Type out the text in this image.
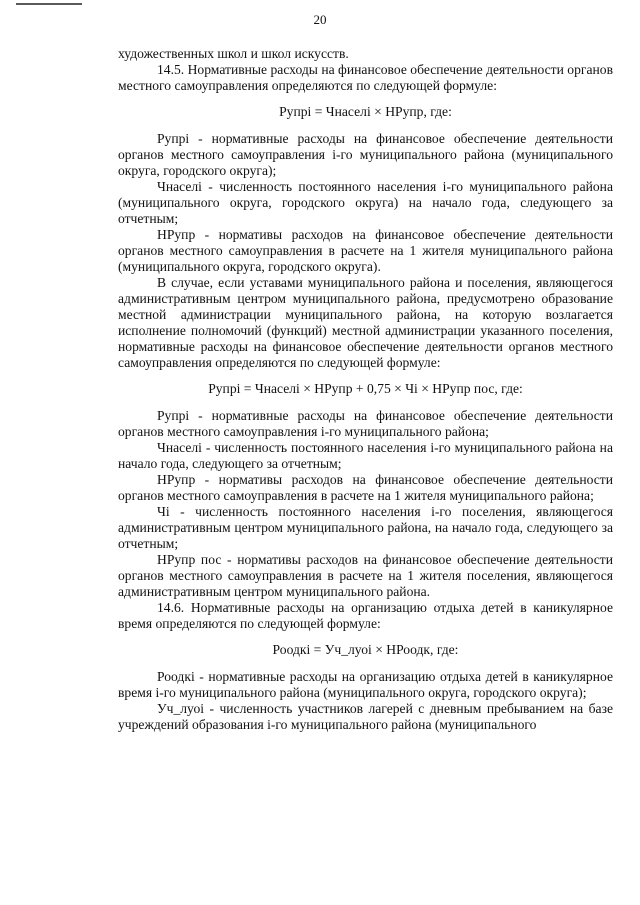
20

художественных школ и школ искусств.

14.5. Нормативные расходы на финансовое обеспечение деятельности органов местного самоуправления определяются по следующей формуле:

Рупрі = Чнаселі × НРупр, где:

Рупрі - нормативные расходы на финансовое обеспечение деятельности органов местного самоуправления і-го муниципального района (муниципального округа, городского округа);

Чнаселі - численность постоянного населения і-го муниципального района (муниципального округа, городского округа) на начало года, следующего за отчетным;

НРупр - нормативы расходов на финансовое обеспечение деятельности органов местного самоуправления в расчете на 1 жителя муниципального района (муниципального округа, городского округа).

В случае, если уставами муниципального района и поселения, являющегося административным центром муниципального района, предусмотрено образование местной администрации муниципального района, на которую возлагается исполнение полномочий (функций) местной администрации указанного поселения, нормативные расходы на финансовое обеспечение деятельности органов местного самоуправления определяются по следующей формуле:

Рупрі = Чнаселі × НРупр + 0,75 × Чі × НРупр пос, где:

Рупрі - нормативные расходы на финансовое обеспечение деятельности органов местного самоуправления і-го муниципального района;

Чнаселі - численность постоянного населения і-го муниципального района на начало года, следующего за отчетным;

НРупр - нормативы расходов на финансовое обеспечение деятельности органов местного самоуправления в расчете на 1 жителя муниципального района;

Чі - численность постоянного населения і-го поселения, являющегося административным центром муниципального района, на начало года, следующего за отчетным;

НРупр пос - нормативы расходов на финансовое обеспечение деятельности органов местного самоуправления в расчете на 1 жителя поселения, являющегося административным центром муниципального района.

14.6. Нормативные расходы на организацию отдыха детей в каникулярное время определяются по следующей формуле:

Роодкі = Уч_луоі × НРоодк, где:

Роодкі - нормативные расходы на организацию отдыха детей в каникулярное время і-го муниципального района (муниципального округа, городского округа);

Уч_луоі - численность участников лагерей с дневным пребыванием на базе учреждений образования і-го муниципального района (муниципального
